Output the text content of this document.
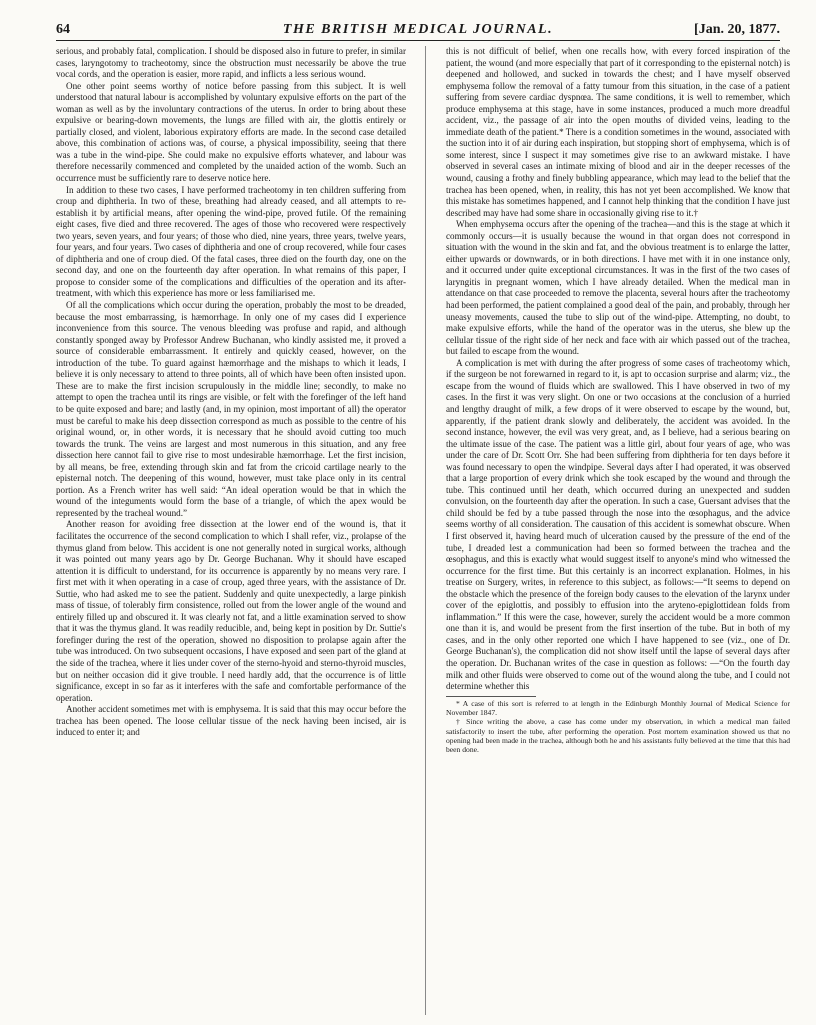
64	THE BRITISH MEDICAL JOURNAL.	[Jan. 20, 1877.

serious, and probably fatal, complication. I should be disposed also in future to prefer, in similar cases, laryngotomy to tracheotomy, since the obstruction must necessarily be above the true vocal cords, and the operation is easier, more rapid, and inflicts a less serious wound.

One other point seems worthy of notice before passing from this subject. It is well understood that natural labour is accomplished by voluntary expulsive efforts on the part of the woman as well as by the involuntary contractions of the uterus. In order to bring about these expulsive or bearing-down movements, the lungs are filled with air, the glottis entirely or partially closed, and violent, laborious expiratory efforts are made. In the second case detailed above, this combination of actions was, of course, a physical impossibility, seeing that there was a tube in the wind-pipe. She could make no expulsive efforts whatever, and labour was therefore necessarily commenced and completed by the unaided action of the womb. Such an occurrence must be sufficiently rare to deserve notice here.

In addition to these two cases, I have performed tracheotomy in ten children suffering from croup and diphtheria. In two of these, breathing had already ceased, and all attempts to re-establish it by artificial means, after opening the wind-pipe, proved futile. Of the remaining eight cases, five died and three recovered. The ages of those who recovered were respectively two years, seven years, and four years; of those who died, nine years, three years, twelve years, four years, and four years. Two cases of diphtheria and one of croup recovered, while four cases of diphtheria and one of croup died. Of the fatal cases, three died on the fourth day, one on the second day, and one on the fourteenth day after operation. In what remains of this paper, I propose to consider some of the complications and difficulties of the operation and its after-treatment, with which this experience has more or less familiarised me.

Of all the complications which occur during the operation, probably the most to be dreaded, because the most embarrassing, is hæmorrhage. In only one of my cases did I experience inconvenience from this source. The venous bleeding was profuse and rapid, and although constantly sponged away by Professor Andrew Buchanan, who kindly assisted me, it proved a source of considerable embarrassment. It entirely and quickly ceased, however, on the introduction of the tube. To guard against hæmorrhage and the mishaps to which it leads, I believe it is only necessary to attend to three points, all of which have been often insisted upon. These are to make the first incision scrupulously in the middle line; secondly, to make no attempt to open the trachea until its rings are visible, or felt with the forefinger of the left hand to be quite exposed and bare; and lastly (and, in my opinion, most important of all) the operator must be careful to make his deep dissection correspond as much as possible to the centre of his original wound, or, in other words, it is necessary that he should avoid cutting too much towards the trunk. The veins are largest and most numerous in this situation, and any free dissection here cannot fail to give rise to most undesirable hæmorrhage. Let the first incision, by all means, be free, extending through skin and fat from the cricoid cartilage nearly to the episternal notch. The deepening of this wound, however, must take place only in its central portion. As a French writer has well said: “An ideal operation would be that in which the wound of the integuments would form the base of a triangle, of which the apex would be represented by the tracheal wound.”

Another reason for avoiding free dissection at the lower end of the wound is, that it facilitates the occurrence of the second complication to which I shall refer, viz., prolapse of the thymus gland from below. This accident is one not generally noted in surgical works, although it was pointed out many years ago by Dr. George Buchanan. Why it should have escaped attention it is difficult to understand, for its occurrence is apparently by no means very rare. I first met with it when operating in a case of croup, aged three years, with the assistance of Dr. Suttie, who had asked me to see the patient. Suddenly and quite unexpectedly, a large pinkish mass of tissue, of tolerably firm consistence, rolled out from the lower angle of the wound and entirely filled up and obscured it. It was clearly not fat, and a little examination served to show that it was the thymus gland. It was readily reducible, and, being kept in position by Dr. Suttie's forefinger during the rest of the operation, showed no disposition to prolapse again after the tube was introduced. On two subsequent occasions, I have exposed and seen part of the gland at the side of the trachea, where it lies under cover of the sterno-hyoid and sterno-thyroid muscles, but on neither occasion did it give trouble. I need hardly add, that the occurrence is of little significance, except in so far as it interferes with the safe and comfortable performance of the operation.

Another accident sometimes met with is emphysema. It is said that this may occur before the trachea has been opened. The loose cellular tissue of the neck having been incised, air is induced to enter it; and

this is not difficult of belief, when one recalls how, with every forced inspiration of the patient, the wound (and more especially that part of it corresponding to the episternal notch) is deepened and hollowed, and sucked in towards the chest; and I have myself observed emphysema follow the removal of a fatty tumour from this situation, in the case of a patient suffering from severe cardiac dyspnœa. The same conditions, it is well to remember, which produce emphysema at this stage, have in some instances, produced a much more dreadful accident, viz., the passage of air into the open mouths of divided veins, leading to the immediate death of the patient.* There is a condition sometimes in the wound, associated with the suction into it of air during each inspiration, but stopping short of emphysema, which is of some interest, since I suspect it may sometimes give rise to an awkward mistake. I have observed in several cases an intimate mixing of blood and air in the deeper recesses of the wound, causing a frothy and finely bubbling appearance, which may lead to the belief that the trachea has been opened, when, in reality, this has not yet been accomplished. We know that this mistake has sometimes happened, and I cannot help thinking that the condition I have just described may have had some share in occasionally giving rise to it.†

When emphysema occurs after the opening of the trachea—and this is the stage at which it commonly occurs—it is usually because the wound in that organ does not correspond in situation with the wound in the skin and fat, and the obvious treatment is to enlarge the latter, either upwards or downwards, or in both directions. I have met with it in one instance only, and it occurred under quite exceptional circumstances. It was in the first of the two cases of laryngitis in pregnant women, which I have already detailed. When the medical man in attendance on that case proceeded to remove the placenta, several hours after the tracheotomy had been performed, the patient complained a good deal of the pain, and probably, through her uneasy movements, caused the tube to slip out of the wind-pipe. Attempting, no doubt, to make expulsive efforts, while the hand of the operator was in the uterus, she blew up the cellular tissue of the right side of her neck and face with air which passed out of the trachea, but failed to escape from the wound.

A complication is met with during the after progress of some cases of tracheotomy which, if the surgeon be not forewarned in regard to it, is apt to occasion surprise and alarm; viz., the escape from the wound of fluids which are swallowed. This I have observed in two of my cases. In the first it was very slight. On one or two occasions at the conclusion of a hurried and lengthy draught of milk, a few drops of it were observed to escape by the wound, but, apparently, if the patient drank slowly and deliberately, the accident was avoided. In the second instance, however, the evil was very great, and, as I believe, had a serious bearing on the ultimate issue of the case. The patient was a little girl, about four years of age, who was under the care of Dr. Scott Orr. She had been suffering from diphtheria for ten days before it was found necessary to open the windpipe. Several days after I had operated, it was observed that a large proportion of every drink which she took escaped by the wound and through the tube. This continued until her death, which occurred during an unexpected and sudden convulsion, on the fourteenth day after the operation. In such a case, Guersant advises that the child should be fed by a tube passed through the nose into the œsophagus, and the advice seems worthy of all consideration. The causation of this accident is somewhat obscure. When I first observed it, having heard much of ulceration caused by the pressure of the end of the tube, I dreaded lest a communication had been so formed between the trachea and the œsophagus, and this is exactly what would suggest itself to anyone's mind who witnessed the occurrence for the first time. But this certainly is an incorrect explanation. Holmes, in his treatise on Surgery, writes, in reference to this subject, as follows:—“It seems to depend on the obstacle which the presence of the foreign body causes to the elevation of the larynx under cover of the epiglottis, and possibly to effusion into the aryteno-epiglottidean folds from inflammation.” If this were the case, however, surely the accident would be a more common one than it is, and would be present from the first insertion of the tube. But in both of my cases, and in the only other reported one which I have happened to see (viz., one of Dr. George Buchanan's), the complication did not show itself until the lapse of several days after the operation. Dr. Buchanan writes of the case in question as follows: —“On the fourth day milk and other fluids were observed to come out of the wound along the tube, and I could not determine whether this

* A case of this sort is referred to at length in the Edinburgh Monthly Journal of Medical Science for November 1847.

† Since writing the above, a case has come under my observation, in which a medical man failed satisfactorily to insert the tube, after performing the operation. Post mortem examination showed us that no opening had been made in the trachea, although both he and his assistants fully believed at the time that this had been done.
